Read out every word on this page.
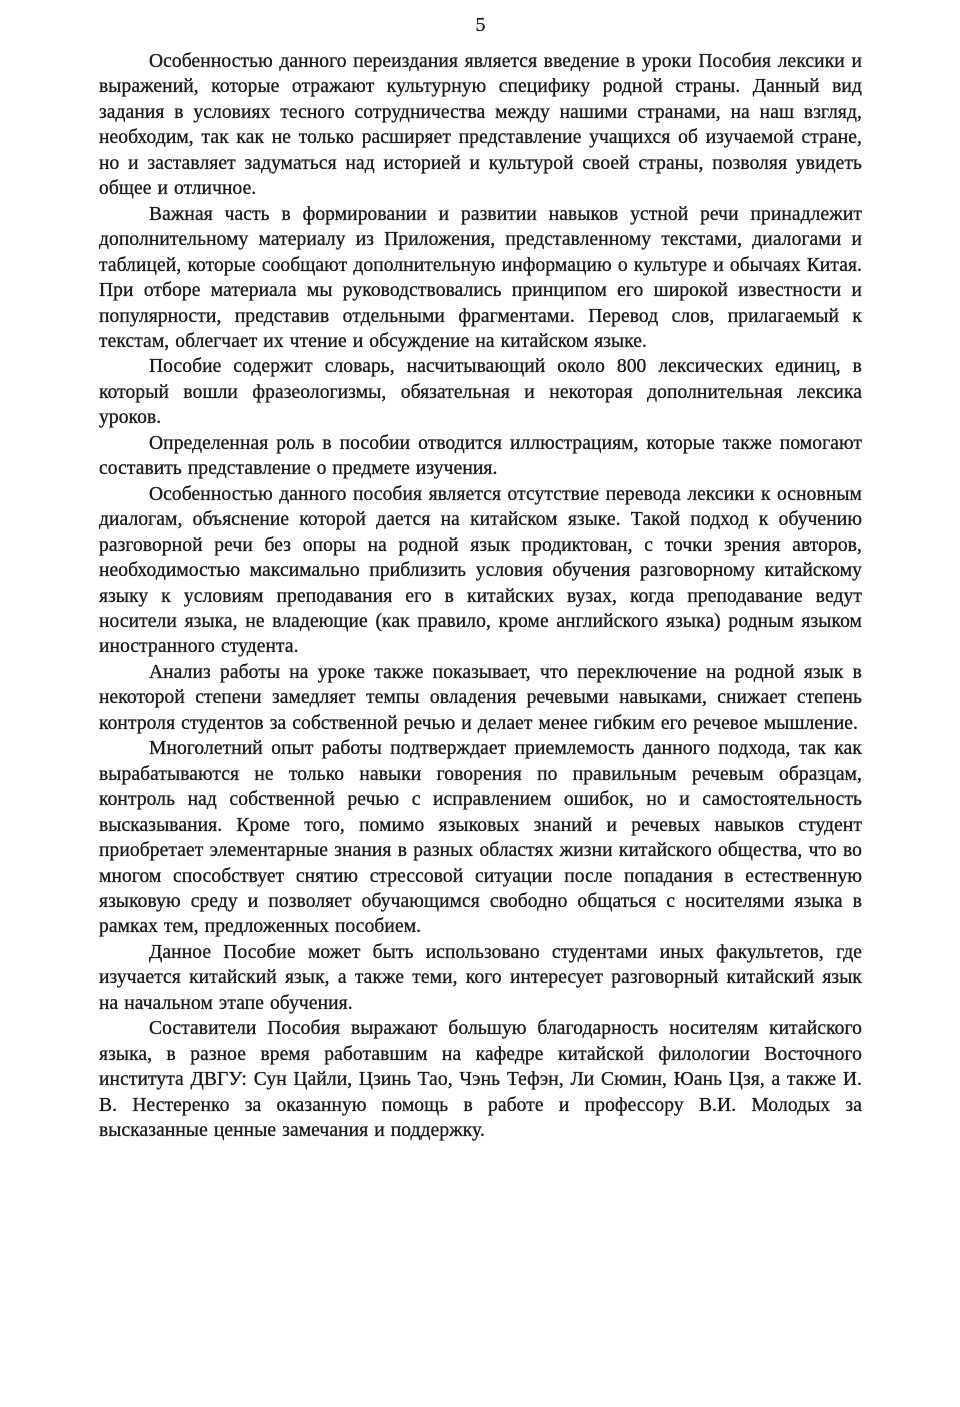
5

Особенностью данного переиздания является введение в уроки Пособия лексики и выражений, которые отражают культурную специфику родной страны. Данный вид задания в условиях тесного сотрудничества между нашими странами, на наш взгляд, необходим, так как не только расширяет представление учащихся об изучаемой стране, но и заставляет задуматься над историей и культурой своей страны, позволяя увидеть общее и отличное.

Важная часть в формировании и развитии навыков устной речи принадлежит дополнительному материалу из Приложения, представленному текстами, диалогами и таблицей, которые сообщают дополнительную информацию о культуре и обычаях Китая. При отборе материала мы руководствовались принципом его широкой известности и популярности, представив отдельными фрагментами. Перевод слов, прилагаемый к текстам, облегчает их чтение и обсуждение на китайском языке.

Пособие содержит словарь, насчитывающий около 800 лексических единиц, в который вошли фразеологизмы, обязательная и некоторая дополнительная лексика уроков.

Определенная роль в пособии отводится иллюстрациям, которые также помогают составить представление о предмете изучения.

Особенностью данного пособия является отсутствие перевода лексики к основным диалогам, объяснение которой дается на китайском языке. Такой подход к обучению разговорной речи без опоры на родной язык продиктован, с точки зрения авторов, необходимостью максимально приблизить условия обучения разговорному китайскому языку к условиям преподавания его в китайских вузах, когда преподавание ведут носители языка, не владеющие (как правило, кроме английского языка) родным языком иностранного студента.

Анализ работы на уроке также показывает, что переключение на родной язык в некоторой степени замедляет темпы овладения речевыми навыками, снижает степень контроля студентов за собственной речью и делает менее гибким его речевое мышление.

Многолетний опыт работы подтверждает приемлемость данного подхода, так как вырабатываются не только навыки говорения по правильным речевым образцам, контроль над собственной речью с исправлением ошибок, но и самостоятельность высказывания. Кроме того, помимо языковых знаний и речевых навыков студент приобретает элементарные знания в разных областях жизни китайского общества, что во многом способствует снятию стрессовой ситуации после попадания в естественную языковую среду и позволяет обучающимся свободно общаться с носителями языка в рамках тем, предложенных пособием.

Данное Пособие может быть использовано студентами иных факультетов, где изучается китайский язык, а также теми, кого интересует разговорный китайский язык на начальном этапе обучения.

Составители Пособия выражают большую благодарность носителям китайского языка, в разное время работавшим на кафедре китайской филологии Восточного института ДВГУ: Сун Цайли, Цзинь Тао, Чэнь Тефэн, Ли Сюмин, Юань Цзя, а также И. В. Нестеренко за оказанную помощь в работе и профессору В.И. Молодых за высказанные ценные замечания и поддержку.
